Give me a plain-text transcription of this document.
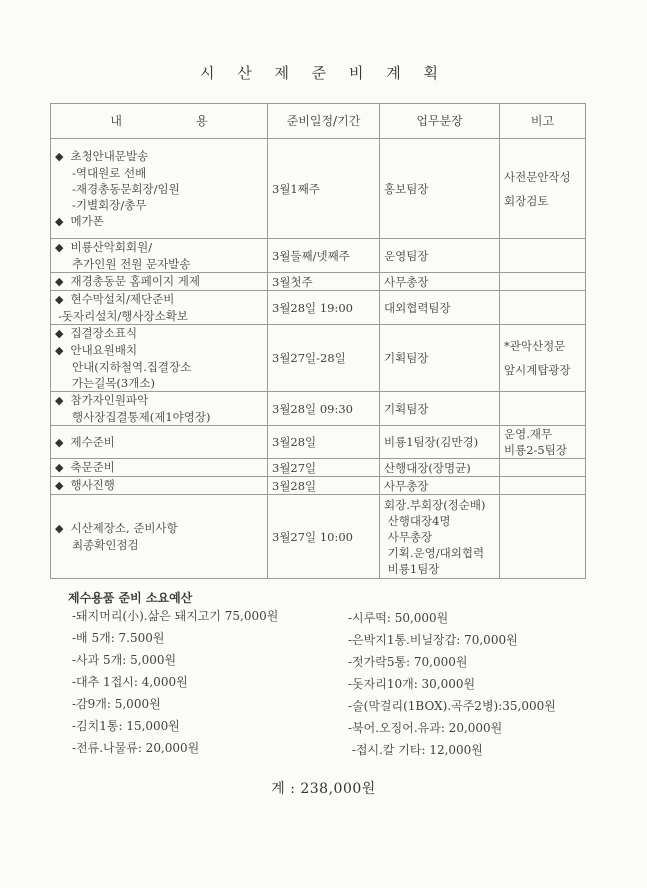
시 산 제 준 비 계 획
내 용	준비일정/기간	업무분장	비고

◆ 초청안내문발송
-역대원로 선배
-재경총동문회장/임원
-기별회장/총무
◆ 메가폰	3월1째주	홍보팀장	사전문안작성
회장검토

◆ 비룡산악회회원/
추가인원 전원 문자발송	3월둘째/넷째주	운영팀장	

◆ 재경총동문 홈페이지 게제	3월첫주	사무총장	

◆ 현수막설치/제단준비
-돗자리설치/행사장소확보	3월28일 19:00	대외협력팀장	

◆ 집결장소표식
◆ 안내요원배치
안내(지하철역.집결장소
가는길목(3개소)	3월27일-28일	기획팀장	*관악산정문
앞시계탑광장

◆ 참가자인원파악
행사장집결통제(제1야영장)	3월28일 09:30	기획팀장	

◆ 제수준비	3월28일	비룡1팀장(김만경)	운영.재무
비룡2-5팀장

◆ 축문준비	3월27일	산행대장(장명균)	

◆ 행사진행	3월28일	사무총장	

◆ 시산제장소, 준비사항
최종확인점검	3월27일 10:00	회장.부회장(정순배)
산행대장4명
사무총장
기획.운영/대외협력
비룡1팀장	

제수용품 준비 소요예산
-돼지머리(小).삶은 돼지고기 75,000원
-배 5개: 7.500원
-사과 5개: 5,000원
-대추 1접시: 4,000원
-감9개: 5,000원
-김치1통: 15,000원
-전류.나물류: 20,000원
-시루떡: 50,000원
-은박지1통.비닐장갑: 70,000원
-젓가락5통: 70,000원
-돗자리10개: 30,000원
-술(막걸리(1BOX).곡주2병):35,000원
-북어.오징어.유과: 20,000원
-접시.칼 기타: 12,000원
계 : 238,000원
